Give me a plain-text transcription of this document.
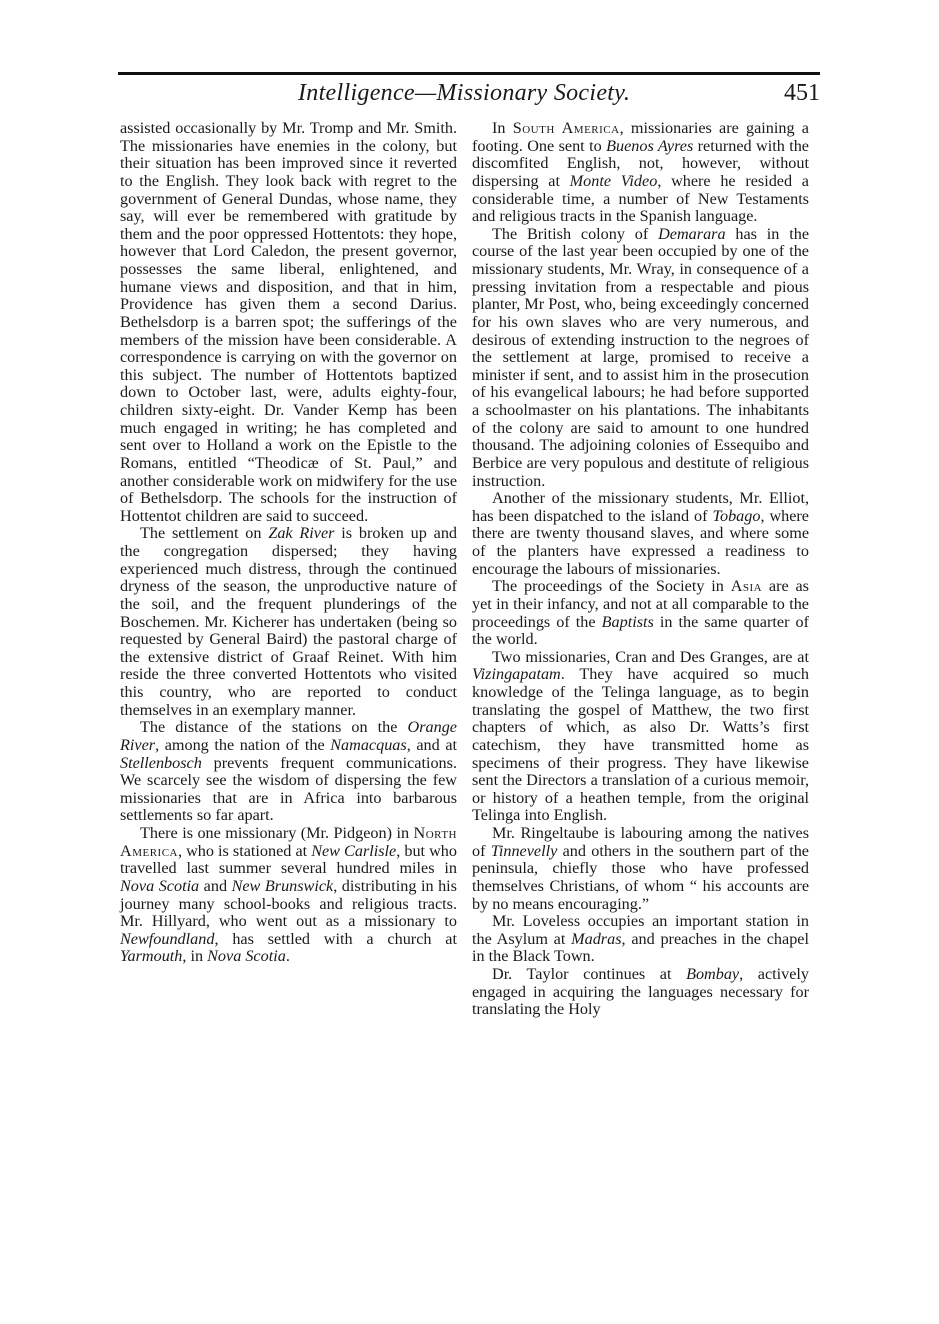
Intelligence—Missionary Society.	451

assisted occasionally by Mr. Tromp and Mr. Smith. The missionaries have enemies in the colony, but their situation has been improved since it reverted to the English. They look back with regret to the government of General Dundas, whose name, they say, will ever be remembered with gratitude by them and the poor oppressed Hottentots: they hope, however that Lord Caledon, the present governor, possesses the same liberal, enlightened, and humane views and disposition, and that in him, Providence has given them a second Darius. Bethelsdorp is a barren spot; the sufferings of the members of the mission have been considerable. A correspondence is carrying on with the governor on this subject. The number of Hottentots baptized down to October last, were, adults eighty-four, children sixty-eight. Dr. Vander Kemp has been much engaged in writing; he has completed and sent over to Holland a work on the Epistle to the Romans, entitled “Theodicæ of St. Paul,” and another considerable work on midwifery for the use of Bethelsdorp. The schools for the instruction of Hottentot children are said to succeed.

The settlement on Zak River is broken up and the congregation dispersed; they having experienced much distress, through the continued dryness of the season, the unproductive nature of the soil, and the frequent plunderings of the Boschemen. Mr. Kicherer has undertaken (being so requested by General Baird) the pastoral charge of the extensive district of Graaf Reinet. With him reside the three converted Hottentots who visited this country, who are reported to conduct themselves in an exemplary manner.

The distance of the stations on the Orange River, among the nation of the Namacquas, and at Stellenbosch prevents frequent communications. We scarcely see the wisdom of dispersing the few missionaries that are in Africa into barbarous settlements so far apart.

There is one missionary (Mr. Pidgeon) in North America, who is stationed at New Carlisle, but who travelled last summer several hundred miles in Nova Scotia and New Brunswick, distributing in his journey many school-books and religious tracts. Mr. Hillyard, who went out as a missionary to Newfoundland, has settled with a church at Yarmouth, in Nova Scotia.

In South America, missionaries are gaining a footing. One sent to Buenos Ayres returned with the discomfited English, not, however, without dispersing at Monte Video, where he resided a considerable time, a number of New Testaments and religious tracts in the Spanish language.

The British colony of Demarara has in the course of the last year been occupied by one of the missionary students, Mr. Wray, in consequence of a pressing invitation from a respectable and pious planter, Mr Post, who, being exceedingly concerned for his own slaves who are very numerous, and desirous of extending instruction to the negroes of the settlement at large, promised to receive a minister if sent, and to assist him in the prosecution of his evangelical labours; he had before supported a schoolmaster on his plantations. The inhabitants of the colony are said to amount to one hundred thousand. The adjoining colonies of Essequibo and Berbice are very populous and destitute of religious instruction.

Another of the missionary students, Mr. Elliot, has been dispatched to the island of Tobago, where there are twenty thousand slaves, and where some of the planters have expressed a readiness to encourage the labours of missionaries.

The proceedings of the Society in Asia are as yet in their infancy, and not at all comparable to the proceedings of the Baptists in the same quarter of the world.

Two missionaries, Cran and Des Granges, are at Vizingapatam. They have acquired so much knowledge of the Telinga language, as to begin translating the gospel of Matthew, the two first chapters of which, as also Dr. Watts’s first catechism, they have transmitted home as specimens of their progress. They have likewise sent the Directors a translation of a curious memoir, or history of a heathen temple, from the original Telinga into English.

Mr. Ringeltaube is labouring among the natives of Tinnevelly and others in the southern part of the peninsula, chiefly those who have professed themselves Christians, of whom “ his accounts are by no means encouraging.”

Mr. Loveless occupies an important station in the Asylum at Madras, and preaches in the chapel in the Black Town.

Dr. Taylor continues at Bombay, actively engaged in acquiring the languages necessary for translating the Holy
